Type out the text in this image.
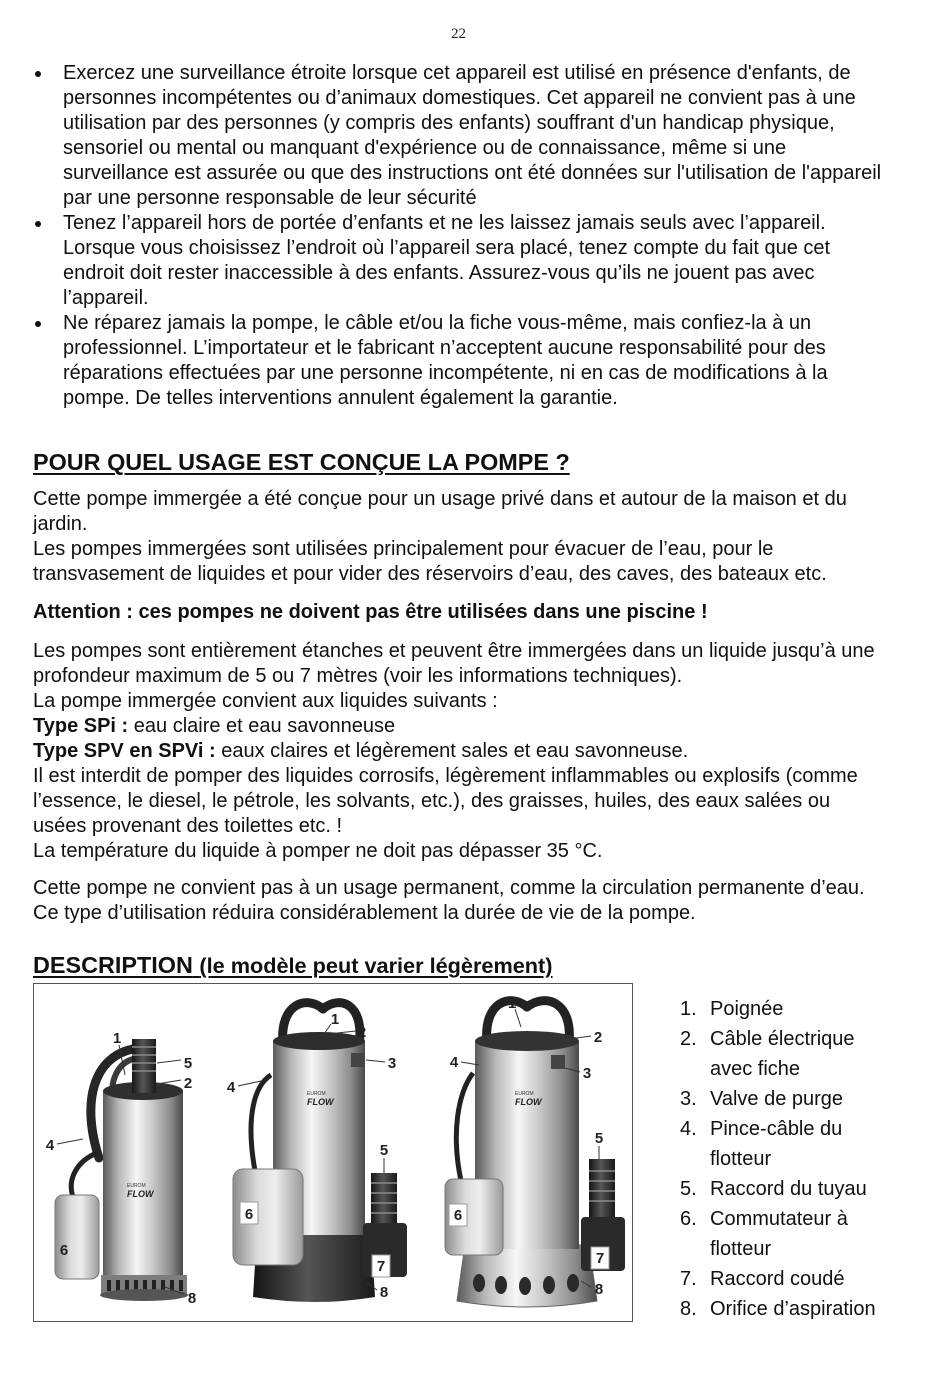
22
Exercez une surveillance étroite lorsque cet appareil est utilisé en présence d'enfants, de
personnes incompétentes ou d’animaux domestiques. Cet appareil ne convient pas à une
utilisation par des personnes (y compris des enfants) souffrant d'un handicap physique,
sensoriel ou mental ou manquant d'expérience ou de connaissance, même si une
surveillance est assurée ou que des instructions ont été données sur l'utilisation de l'appareil
par une personne responsable de leur sécurité
Tenez l’appareil hors de portée d’enfants et ne les laissez jamais seuls avec l’appareil.
Lorsque vous choisissez l’endroit où l’appareil sera placé, tenez compte du fait que cet
endroit doit rester inaccessible à des enfants. Assurez-vous qu’ils ne jouent pas avec
l’appareil.
Ne réparez jamais la pompe, le câble et/ou la fiche vous-même, mais confiez-la à un
professionnel. L’importateur et le fabricant n’acceptent aucune responsabilité pour des
réparations effectuées par une personne incompétente, ni en cas de modifications à la
pompe. De telles interventions annulent également la garantie.
POUR QUEL USAGE EST CONÇUE LA POMPE ?
Cette pompe immergée a été conçue pour un usage privé dans et autour de la maison et du
jardin.
Les pompes immergées sont utilisées principalement pour évacuer de l’eau, pour le
transvasement de liquides et pour vider des réservoirs d’eau, des caves, des bateaux etc.
Attention : ces pompes ne doivent pas être utilisées dans une piscine !
Les pompes sont entièrement étanches et peuvent être immergées dans un liquide jusqu’à une
profondeur maximum de 5 ou 7 mètres (voir les informations techniques).
La pompe immergée convient aux liquides suivants :
Type SPi : eau claire et eau savonneuse
Type SPV en SPVi : eaux claires et légèrement sales et eau savonneuse.
Il est interdit de pomper des liquides corrosifs, légèrement inflammables ou explosifs (comme
l’essence, le diesel, le pétrole, les solvants, etc.), des graisses, huiles, des eaux salées ou
usées provenant des toilettes etc. !
La température du liquide à pomper ne doit pas dépasser 35 °C.
Cette pompe ne convient pas à un usage permanent, comme la circulation permanente d’eau.
Ce type d’utilisation réduira considérablement la durée de vie de la pompe.
DESCRIPTION (le modèle peut varier légèrement)
EUROM
FLOW
1
5
2
4
6
8
EUROM
FLOW
1
2
3
4
5
6
7
8
EUROM
FLOW
1
2
4
3
5
6
7
8
1. Poignée
2. Câble électrique
avec fiche
3. Valve de purge
4. Pince-câble du
flotteur
5. Raccord du tuyau
6. Commutateur à
flotteur
7. Raccord coudé
8. Orifice d’aspiration
